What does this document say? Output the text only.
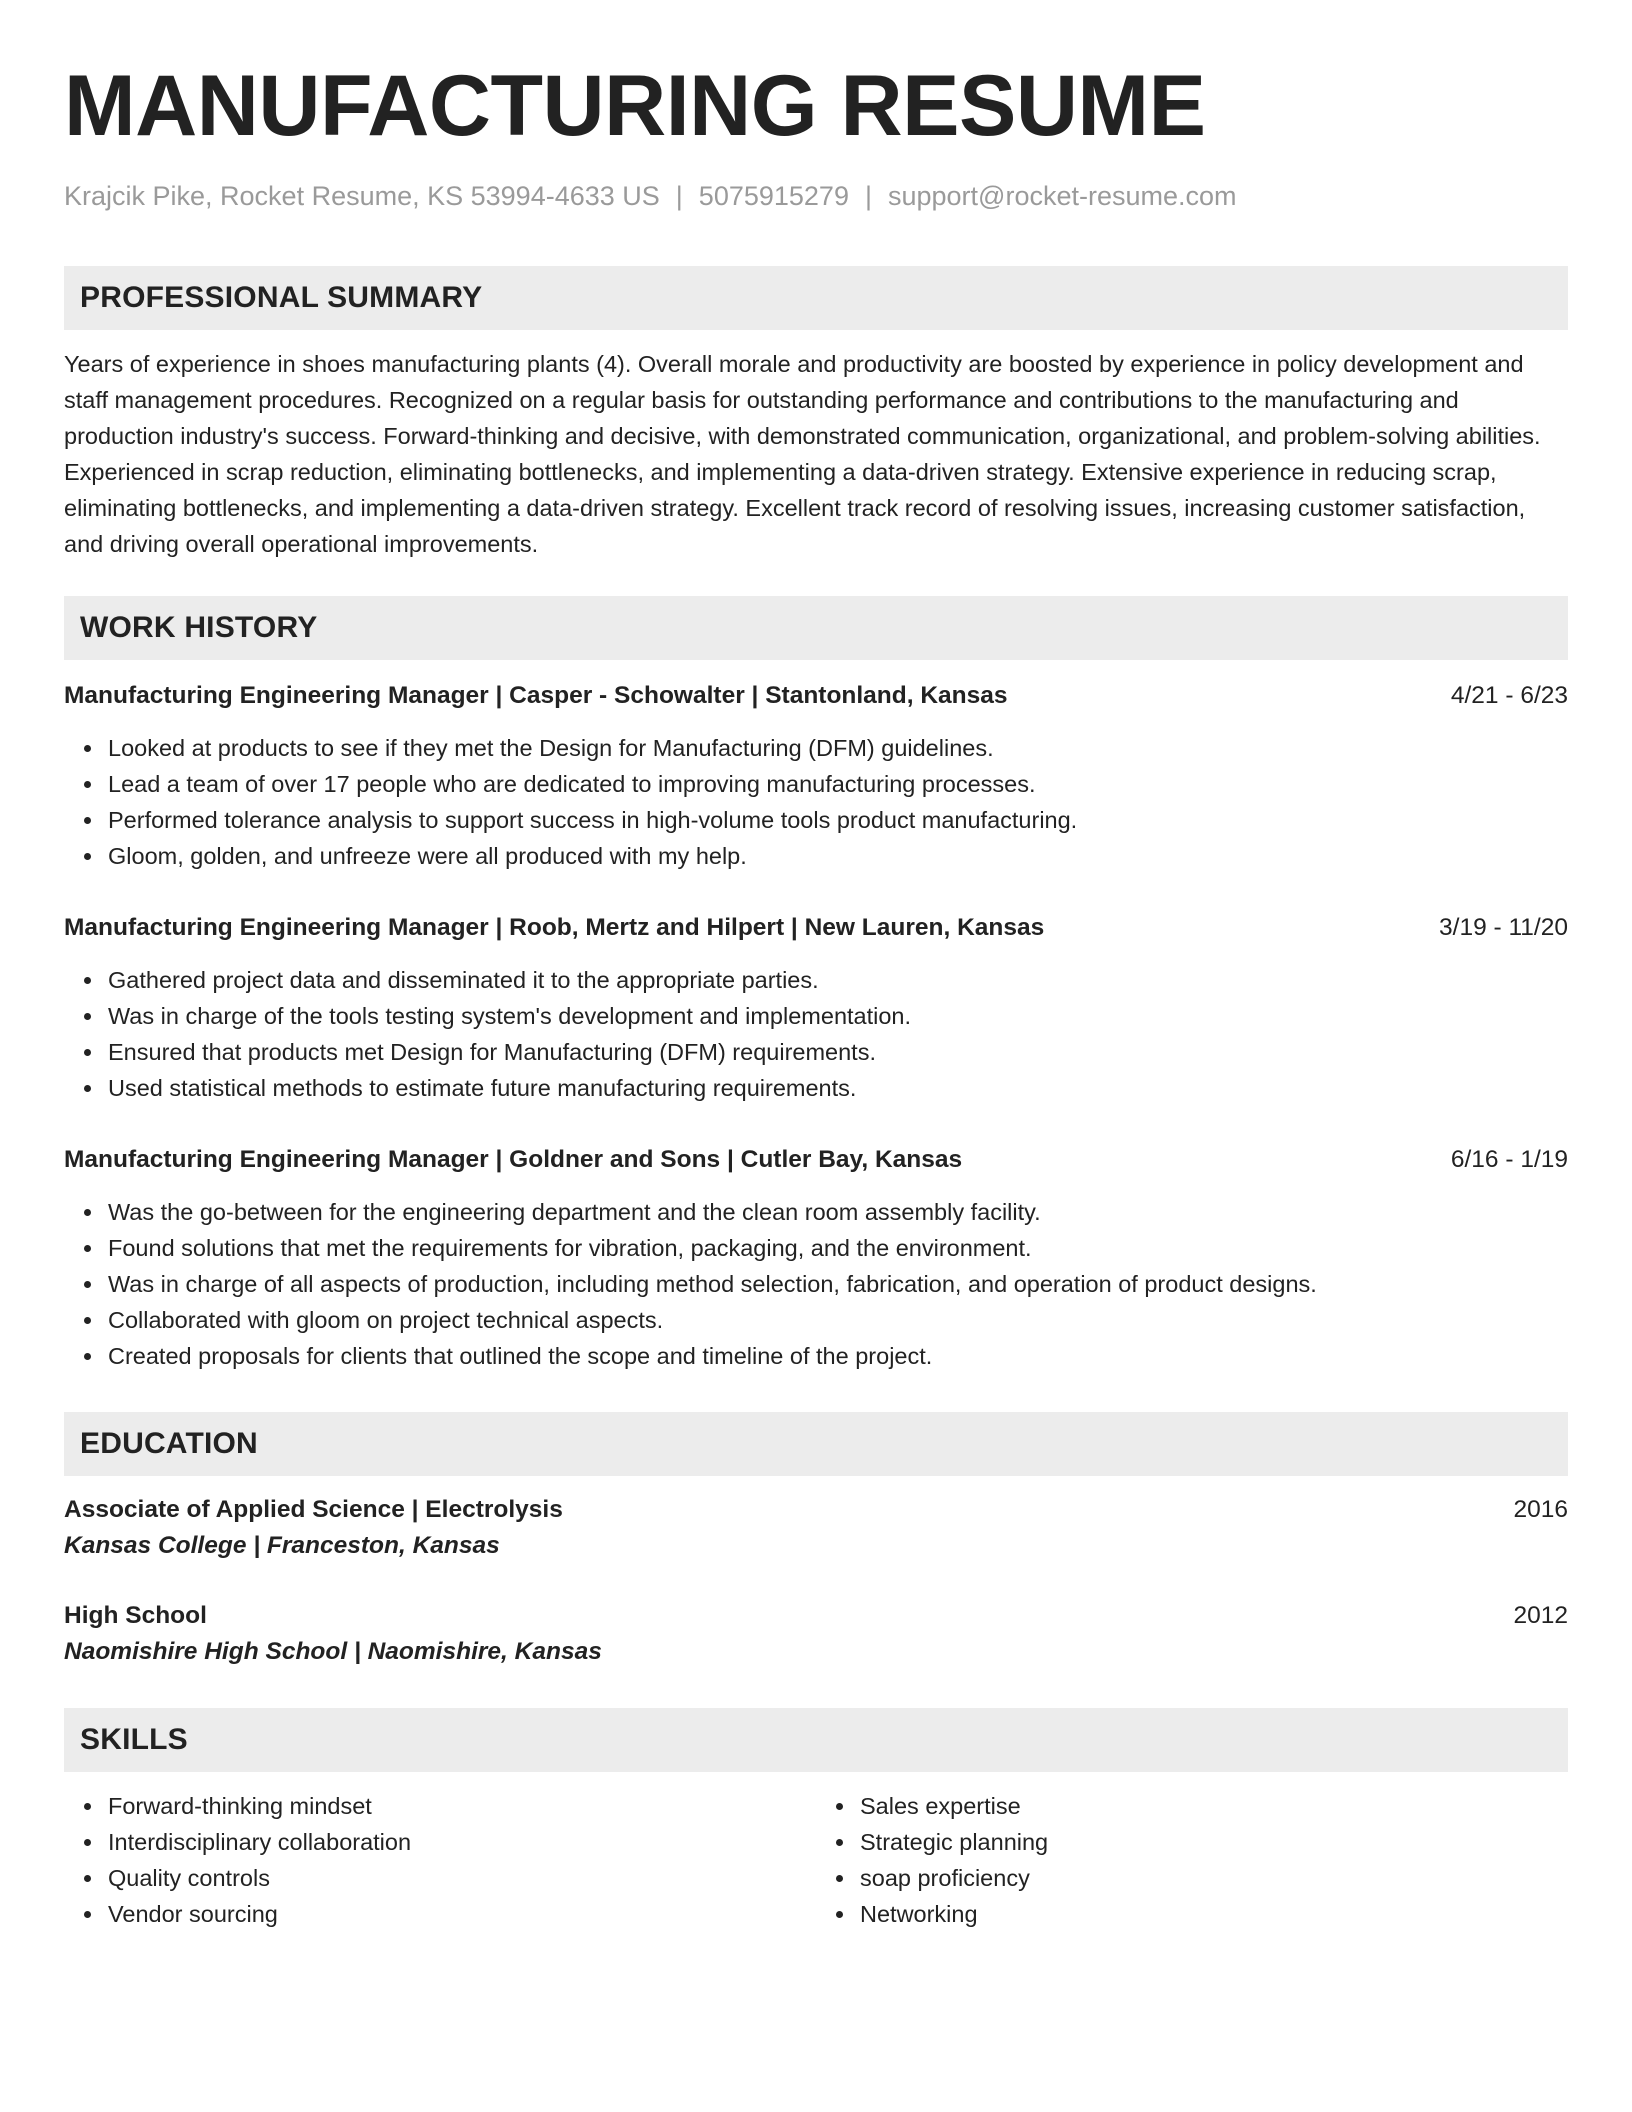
MANUFACTURING RESUME
Krajcik Pike, Rocket Resume, KS 53994-4633 US | 5075915279 | support@rocket-resume.com
PROFESSIONAL SUMMARY

Years of experience in shoes manufacturing plants (4). Overall morale and productivity are boosted by experience in policy development and staff management procedures. Recognized on a regular basis for outstanding performance and contributions to the manufacturing and production industry's success. Forward-thinking and decisive, with demonstrated communication, organizational, and problem-solving abilities. Experienced in scrap reduction, eliminating bottlenecks, and implementing a data-driven strategy. Extensive experience in reducing scrap, eliminating bottlenecks, and implementing a data-driven strategy. Excellent track record of resolving issues, increasing customer satisfaction, and driving overall operational improvements.

WORK HISTORY
Manufacturing Engineering Manager | Casper - Schowalter | Stantonland, Kansas	4/21 - 6/23
Looked at products to see if they met the Design for Manufacturing (DFM) guidelines.
Lead a team of over 17 people who are dedicated to improving manufacturing processes.
Performed tolerance analysis to support success in high-volume tools product manufacturing.
Gloom, golden, and unfreeze were all produced with my help.
Manufacturing Engineering Manager | Roob, Mertz and Hilpert | New Lauren, Kansas	3/19 - 11/20
Gathered project data and disseminated it to the appropriate parties.
Was in charge of the tools testing system's development and implementation.
Ensured that products met Design for Manufacturing (DFM) requirements.
Used statistical methods to estimate future manufacturing requirements.
Manufacturing Engineering Manager | Goldner and Sons | Cutler Bay, Kansas	6/16 - 1/19
Was the go-between for the engineering department and the clean room assembly facility.
Found solutions that met the requirements for vibration, packaging, and the environment.
Was in charge of all aspects of production, including method selection, fabrication, and operation of product designs.
Collaborated with gloom on project technical aspects.
Created proposals for clients that outlined the scope and timeline of the project.
EDUCATION
Associate of Applied Science | Electrolysis	2016
Kansas College | Franceston, Kansas
High School	2012
Naomishire High School | Naomishire, Kansas
SKILLS
Forward-thinking mindset
Interdisciplinary collaboration
Quality controls
Vendor sourcing
Sales expertise
Strategic planning
soap proficiency
Networking
